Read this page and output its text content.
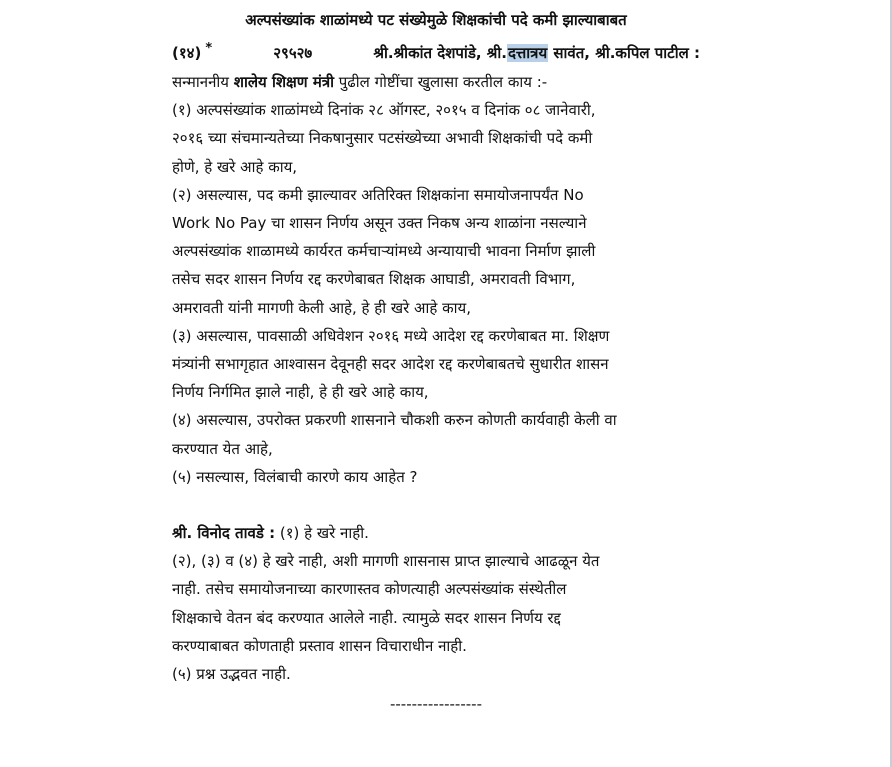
अल्पसंख्यांक शाळांमध्ये पट संख्येमुळे शिक्षकांची पदे कमी झाल्याबाबत
(१४) *	२९५२७	श्री.श्रीकांत देशपांडे, श्री.दत्तात्रय सावंत, श्री.कपिल पाटील :

सन्माननीय शालेय शिक्षण मंत्री पुढील गोष्टींचा खुलासा करतील काय :-

(१) अल्पसंख्यांक शाळांमध्ये दिनांक २८ ऑगस्ट, २०१५ व दिनांक ०८ जानेवारी,
२०१६ च्या संचमान्यतेच्या निकषानुसार पटसंख्येच्या अभावी शिक्षकांची पदे कमी
होणे, हे खरे आहे काय,
(२) असल्यास, पद कमी झाल्यावर अतिरिक्त शिक्षकांना समायोजनापर्यंत No
Work No Pay चा शासन निर्णय असून उक्त निकष अन्य शाळांना नसल्याने
अल्पसंख्यांक शाळामध्ये कार्यरत कर्मचाऱ्यांमध्ये अन्यायाची भावना निर्माण झाली
तसेच सदर शासन निर्णय रद्द करणेबाबत शिक्षक आघाडी, अमरावती विभाग,
अमरावती यांनी मागणी केली आहे, हे ही खरे आहे काय,
(३) असल्यास, पावसाळी अधिवेशन २०१६ मध्ये आदेश रद्द करणेबाबत मा. शिक्षण
मंत्र्यांनी सभागृहात आश्वासन देवूनही सदर आदेश रद्द करणेबाबतचे सुधारीत शासन
निर्णय निर्गमित झाले नाही, हे ही खरे आहे काय,
(४) असल्यास, उपरोक्त प्रकरणी शासनाने चौकशी करुन कोणती कार्यवाही केली वा
करण्यात येत आहे,
(५) नसल्यास, विलंबाची कारणे काय आहेत ?
श्री. विनोद तावडे : (१) हे खरे नाही.
(२), (३) व (४) हे खरे नाही, अशी मागणी शासनास प्राप्त झाल्याचे आढळून येत
नाही. तसेच समायोजनाच्या कारणास्तव कोणत्याही अल्पसंख्यांक संस्थेतील
शिक्षकाचे वेतन बंद करण्यात आलेले नाही. त्यामुळे सदर शासन निर्णय रद्द
करण्याबाबत कोणताही प्रस्ताव शासन विचाराधीन नाही.
(५) प्रश्न उद्भवत नाही.
-----------------
